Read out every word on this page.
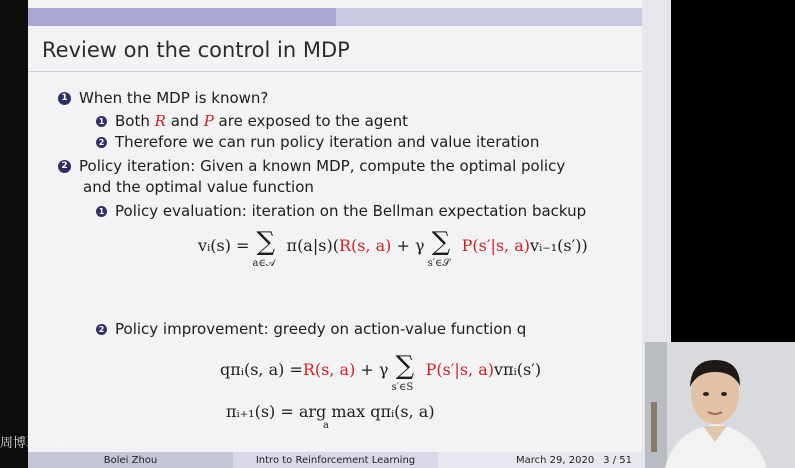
Review on the control in MDP
1 When the MDP is known?
1 Both R and P are exposed to the agent
2 Therefore we can run policy iteration and value iteration
2 Policy iteration: Given a known MDP, compute the optimal policy
and the optimal value function
1 Policy evaluation: iteration on the Bellman expectation backup
vᵢ(s) = ∑
a∈𝒜
π(a|s)(R(s, a) + γ ∑
s′∈𝒮
P(s′|s, a)vᵢ₋₁(s′))
2 Policy improvement: greedy on action-value function q
qπᵢ(s, a) =R(s, a) + γ ∑
s′∈S
P(s′|s, a)vπᵢ(s′)
πᵢ₊₁(s) = arg max qπᵢ(s, a)
a
Bolei Zhou	Intro to Reinforcement Learning	March 29, 2020 3 / 51
周博磊 bilibili
